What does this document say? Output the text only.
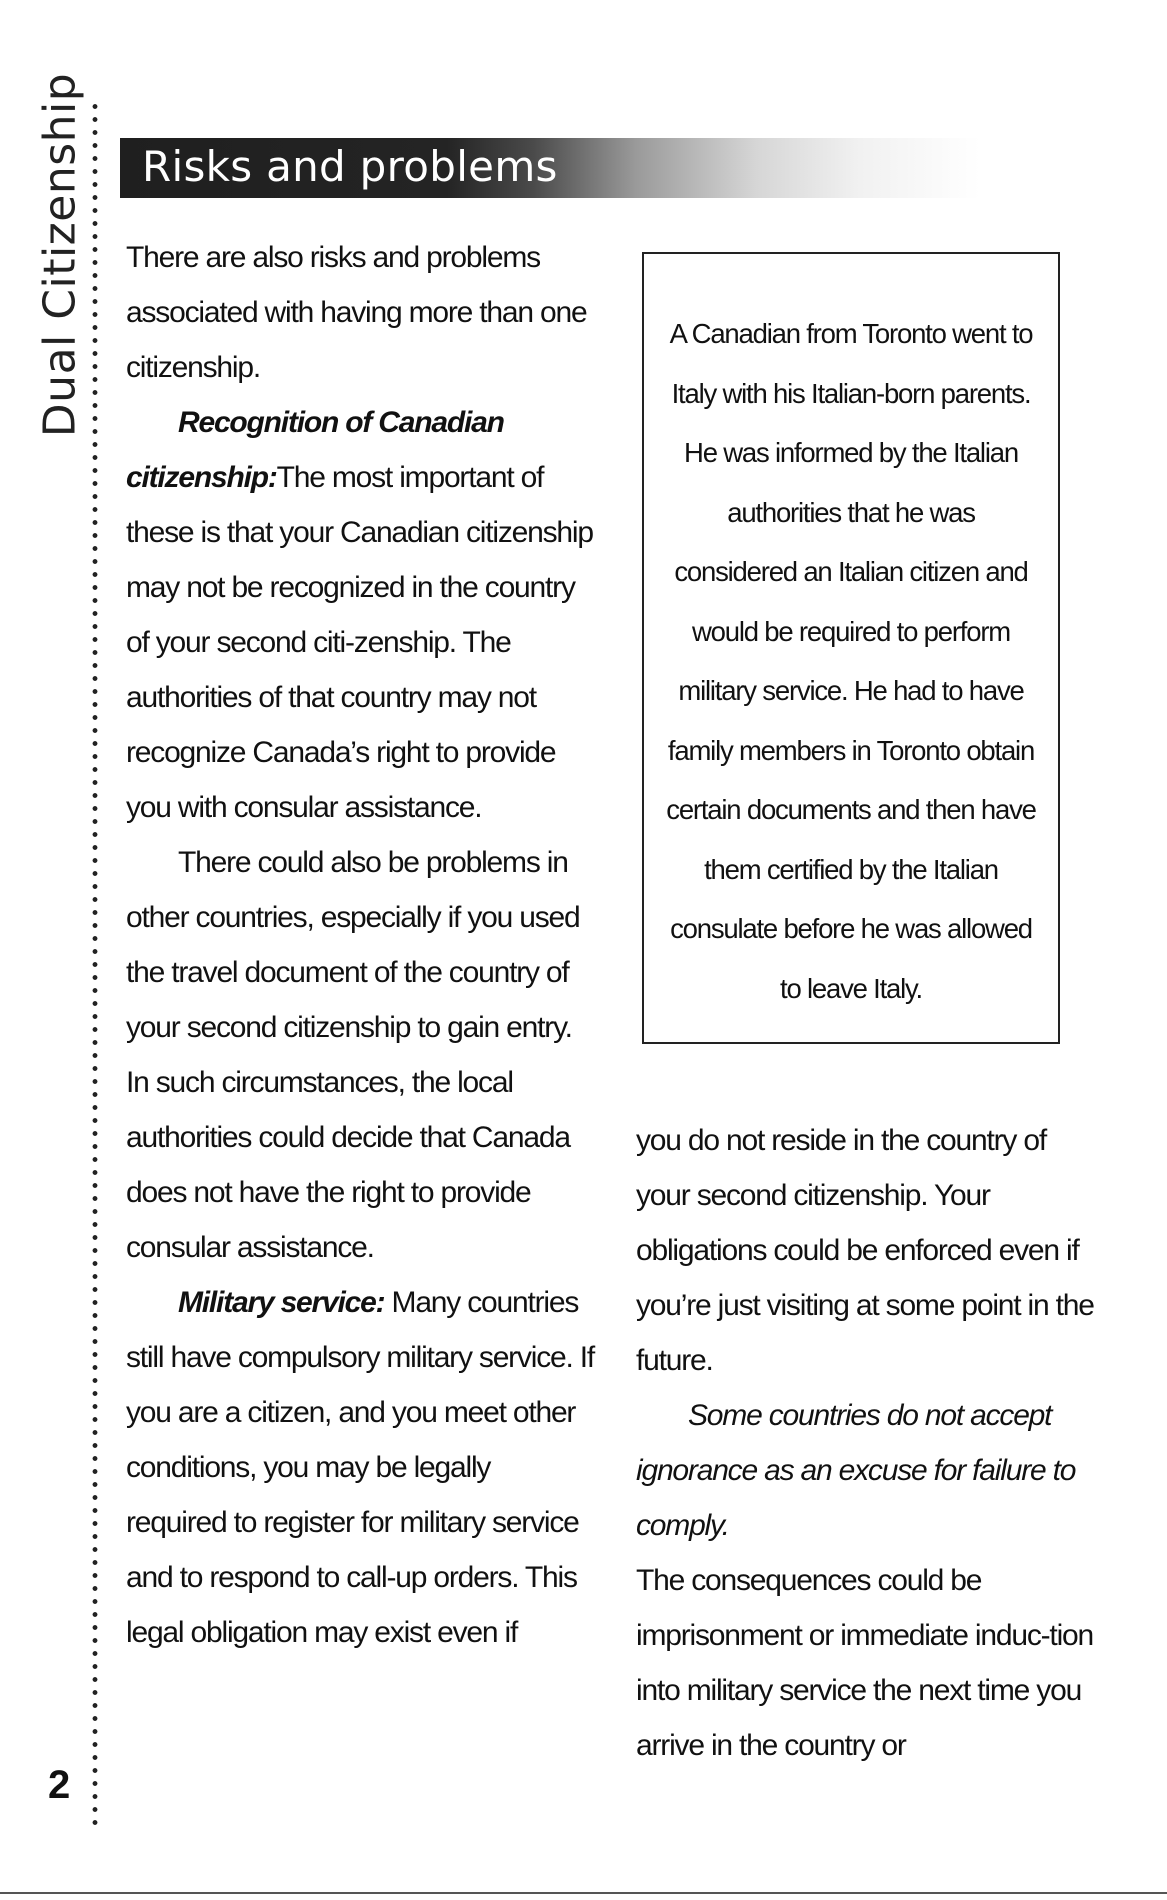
Dual Citizenship
2
Risks and problems

There are also risks and problems associated with having more than one citizenship.

Recognition of Canadian citizenship:The most important of these is that your Canadian citizenship may not be recognized in the country of your second citi-zenship. The authorities of that country may not recognize Canada’s right to provide you with consular assistance.

There could also be problems in other countries, especially if you used the travel document of the country of your second citizenship to gain entry. In such circumstances, the local authorities could decide that Canada does not have the right to provide consular assistance.

Military service: Many countries still have compulsory military service. If you are a citizen, and you meet other conditions, you may be legally required to register for military service and to respond to call-up orders. This legal obligation may exist even if

A Canadian from Toronto went to Italy with his Italian-born parents. He was informed by the Italian authorities that he was considered an Italian citizen and would be required to perform military service. He had to have family members in Toronto obtain certain documents and then have them certified by the Italian consulate before he was allowed to leave Italy.

you do not reside in the country of your second citizenship. Your obligations could be enforced even if you’re just visiting at some point in the future.

Some countries do not accept ignorance as an excuse for failure to comply.

The consequences could be imprisonment or immediate induc-tion into military service the next time you arrive in the country or
